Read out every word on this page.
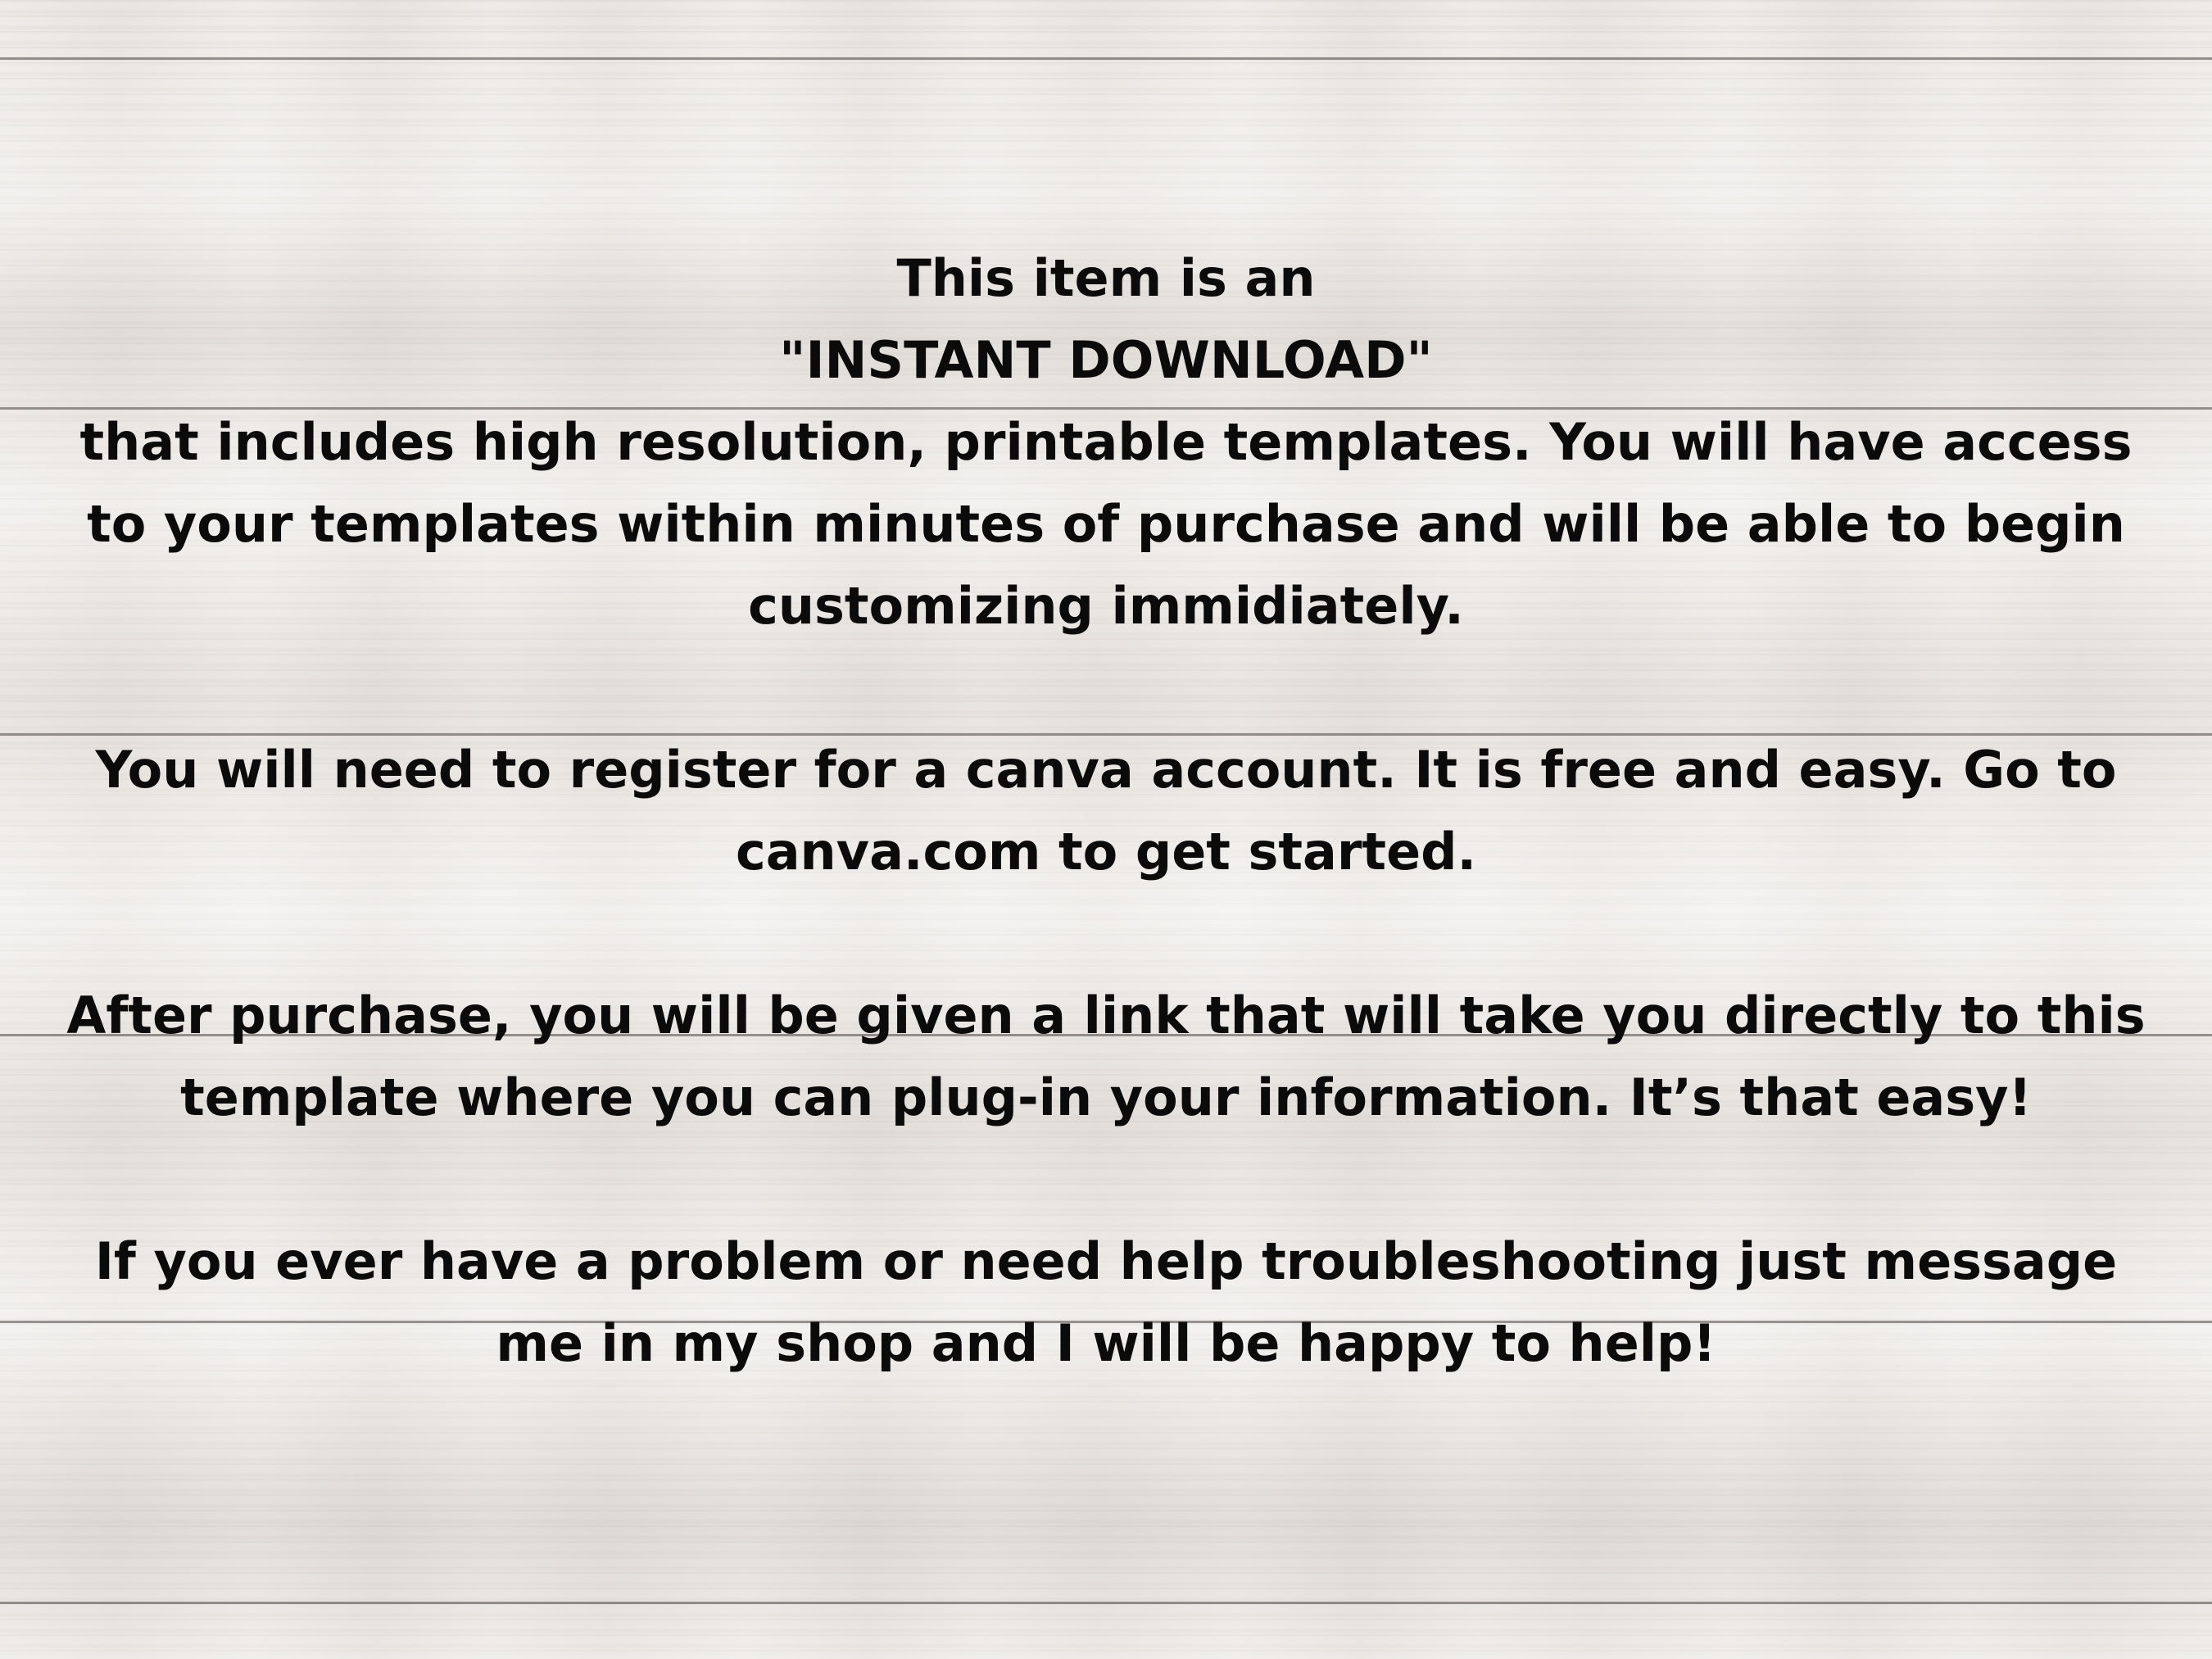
This item is an
"INSTANT DOWNLOAD"
that includes high resolution, printable templates. You will have access
to your templates within minutes of purchase and will be able to begin
customizing immidiately.
You will need to register for a canva account. It is free and easy. Go to
canva.com to get started.
After purchase, you will be given a link that will take you directly to this
template where you can plug-in your information. It’s that easy!
If you ever have a problem or need help troubleshooting just message
me in my shop and I will be happy to help!
